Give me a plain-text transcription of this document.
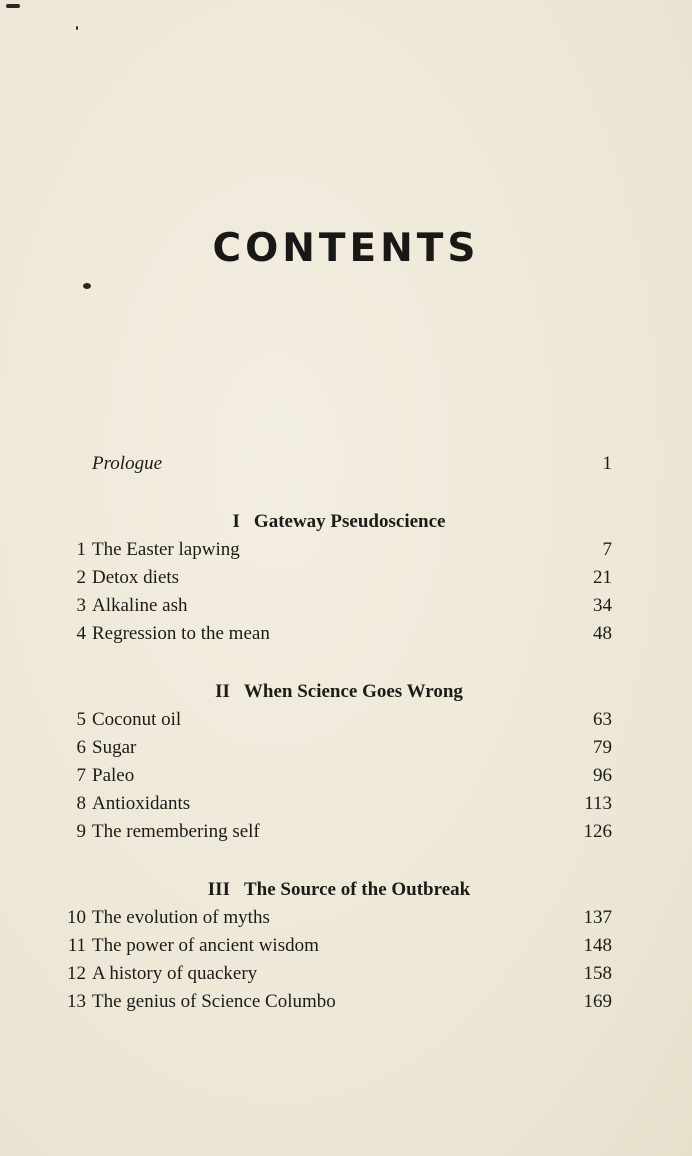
CONTENTS
Prologue	1
I Gateway Pseudoscience
1 The Easter lapwing	7
2 Detox diets	21
3 Alkaline ash	34
4 Regression to the mean	48
II When Science Goes Wrong
5 Coconut oil	63
6 Sugar	79
7 Paleo	96
8 Antioxidants	113
9 The remembering self	126
III The Source of the Outbreak
10 The evolution of myths	137
11 The power of ancient wisdom	148
12 A history of quackery	158
13 The genius of Science Columbo	169
